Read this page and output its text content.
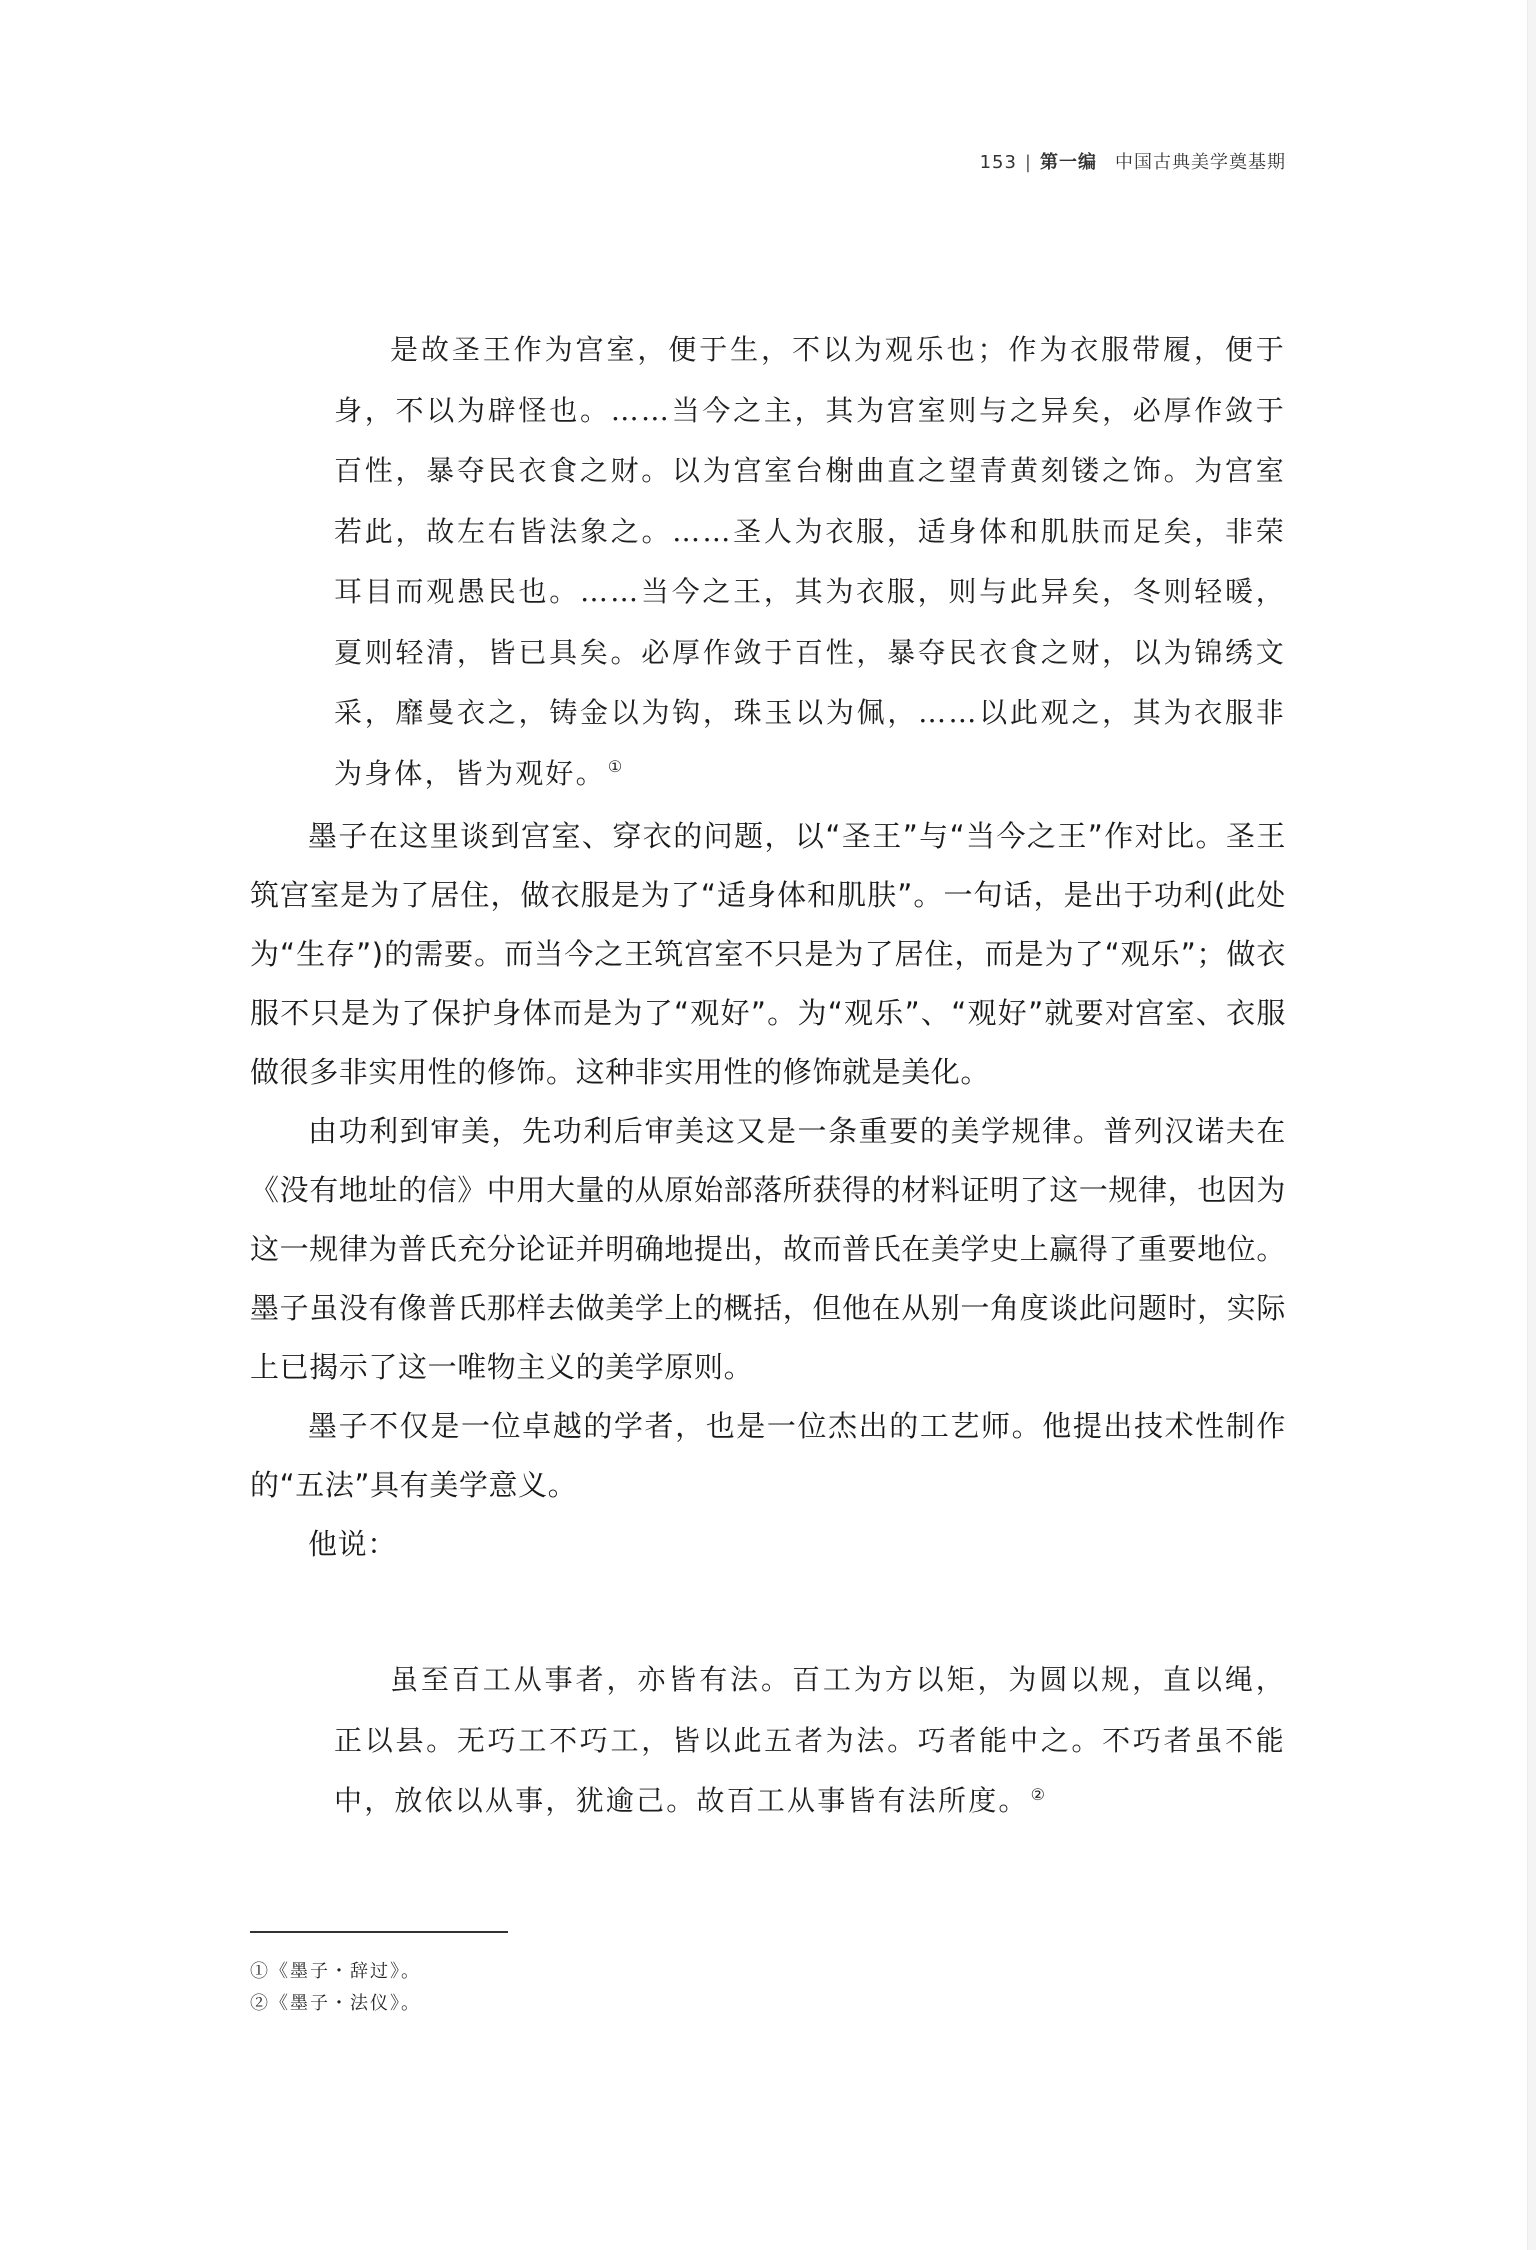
153 | 第一编 中国古典美学奠基期

是故圣王作为宫室，便于生，不以为观乐也；作为衣服带履，便于身，不以为辟怪也。……当今之主，其为宫室则与之异矣，必厚作敛于百性，暴夺民衣食之财。以为宫室台榭曲直之望青黄刻镂之饰。为宫室若此，故左右皆法象之。……圣人为衣服，适身体和肌肤而足矣，非荣耳目而观愚民也。……当今之王，其为衣服，则与此异矣，冬则轻暖，夏则轻清，皆已具矣。必厚作敛于百性，暴夺民衣食之财，以为锦绣文采，靡曼衣之，铸金以为钩，珠玉以为佩，……以此观之，其为衣服非为身体，皆为观好。 ①

墨子在这里谈到宫室、穿衣的问题，以“圣王”与“当今之王”作对比。圣王筑宫室是为了居住，做衣服是为了“适身体和肌肤”。一句话，是出于功利(此处为“生存”)的需要。而当今之王筑宫室不只是为了居住，而是为了“观乐”；做衣服不只是为了保护身体而是为了“观好”。为“观乐”、“观好”就要对宫室、衣服做很多非实用性的修饰。这种非实用性的修饰就是美化。

由功利到审美，先功利后审美这又是一条重要的美学规律。普列汉诺夫在《没有地址的信》中用大量的从原始部落所获得的材料证明了这一规律，也因为这一规律为普氏充分论证并明确地提出，故而普氏在美学史上赢得了重要地位。墨子虽没有像普氏那样去做美学上的概括，但他在从别一角度谈此问题时，实际上已揭示了这一唯物主义的美学原则。

墨子不仅是一位卓越的学者，也是一位杰出的工艺师。他提出技术性制作的“五法”具有美学意义。

他说：

虽至百工从事者，亦皆有法。百工为方以矩，为圆以规，直以绳，正以县。无巧工不巧工，皆以此五者为法。巧者能中之。不巧者虽不能中，放依以从事，犹逾己。故百工从事皆有法所度。 ②

①《墨子・辞过》。
②《墨子・法仪》。
